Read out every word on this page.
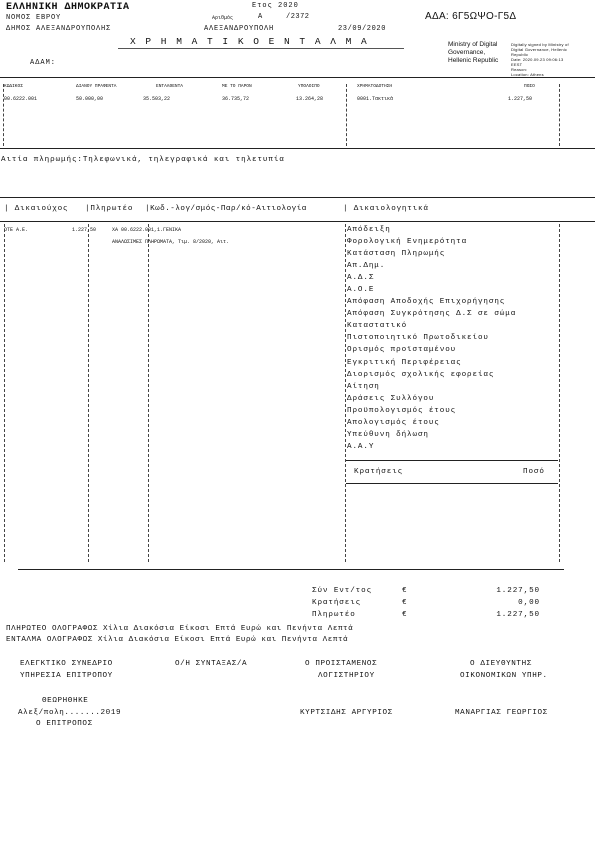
ΕΛΛΗΝΙΚΗ ΔΗΜΟΚΡΑΤΙΑ
ΝΟΜΟΣ ΕΒΡΟΥ
ΔΗΜΟΣ ΑΛΕΞΑΝΔΡΟΥΠΟΛΗΣ
Ετος 2020
Αριθμός	Α	/2372
ΑΛΕΞΑΝΔΡΟΥΠΟΛΗ	23/09/2020
ΑΔΑ: 6Γ5ΩΨΟ-Γ5Δ
Χ Ρ Η Μ Α Τ Ι Κ Ο Ε Ν Τ Α Λ Μ Α
ΑΔΑΜ:
Ministry of Digital
Governance,
Hellenic Republic
Digitally signed by Ministry of
Digital Governance, Hellenic
Republic
Date: 2020.09.23 09:06:13
EEST
Reason:
Location: Athens
ΚΩΔΙΚΟΣ	ΔΙΑΝΟΥ ΠΡΑΦΕΝΤΑ	ΕΝΤΑΛΘΕΝΤΑ	ΜΕ ΤΟ ΠΑΡΟΝ	ΥΠΟΛΟΙΠΟ	ΧΡΗΜΑΤΟΔΟΤΗΣΗ	ΠΟΣΟ
00.6222.001	50.000,00	35.503,22	36.735,72	13.264,28	0001.Τακτικά	1.227,50
Αιτία πληρωμής:Τηλεφωνικά, τηλεγραφικά και τηλετυπία
| Δικαιούχος |Πληρωτέο |Κωδ.-λογ/σμός-Παρ/κό-Αιτιολογία	| Δικαιολογητικά
ΟΤΕ Α.Ε.	1.227,50	ΧΑ 00.6222.001,1.ΓΕΝΙΚΑ
ΑΝΑΛΩΣΙΜΕΣ ΠΛΗΡΩΜΑΤΑ, Τιμ. 8/2020, Αιτ.
Απόδειξη
Φορολογική Ενημερότητα
Κατάσταση Πληρωμής
Απ.Δημ.
Α.Δ.Σ
Α.Ο.Ε
Απόφαση Αποδοχής Επιχορήγησης
Απόφαση Συγκρότησης Δ.Σ σε σώμα
Καταστατικό
Πιστοποιητικό Πρωτοδικείου
Ορισμός προϊσταμένου
Εγκριτική Περιφέρειας
Διορισμός σχολικής εφορείας
Αίτηση
Δράσεις Συλλόγου
Προϋπολογισμός έτους
Απολογισμός έτους
Υπεύθυνη δήλωση
Α.Α.Υ
Κρατήσεις	Ποσό
Σύν Εντ/τος	€	1.227,50
Κρατήσεις	€	0,00
Πληρωτέο	€	1.227,50
ΠΛΗΡΩΤΕΟ ΟΛΟΓΡΑΦΩΣ Χίλια Διακόσια Είκοσι Επτά Ευρώ και Πενήντα Λεπτά
ΕΝΤΑΛΜΑ ΟΛΟΓΡΑΦΩΣ Χίλια Διακόσια Είκοσι Επτά Ευρώ και Πενήντα Λεπτά
ΕΛΕΓΚΤΙΚΟ ΣΥΝΕΔΡΙΟ
ΥΠΗΡΕΣΙΑ ΕΠΙΤΡΟΠΟΥ
Ο/Η ΣΥΝΤΑΞΑΣ/Α	Ο ΠΡΟΙΣΤΑΜΕΝΟΣ
ΛΟΓΙΣΤΗΡΙΟΥ
Ο ΔΙΕΥΘΥΝΤΗΣ
ΟΙΚΟΝΟΜΙΚΩΝ ΥΠΗΡ.
ΘΕΩΡΗΘΗΚΕ
Αλεξ/πολη.......2019
Ο ΕΠΙΤΡΟΠΟΣ
ΚΥΡΤΣΙΔΗΣ ΑΡΓΥΡΙΟΣ	ΜΑΝΑΡΓΙΑΣ ΓΕΩΡΓΙΟΣ
